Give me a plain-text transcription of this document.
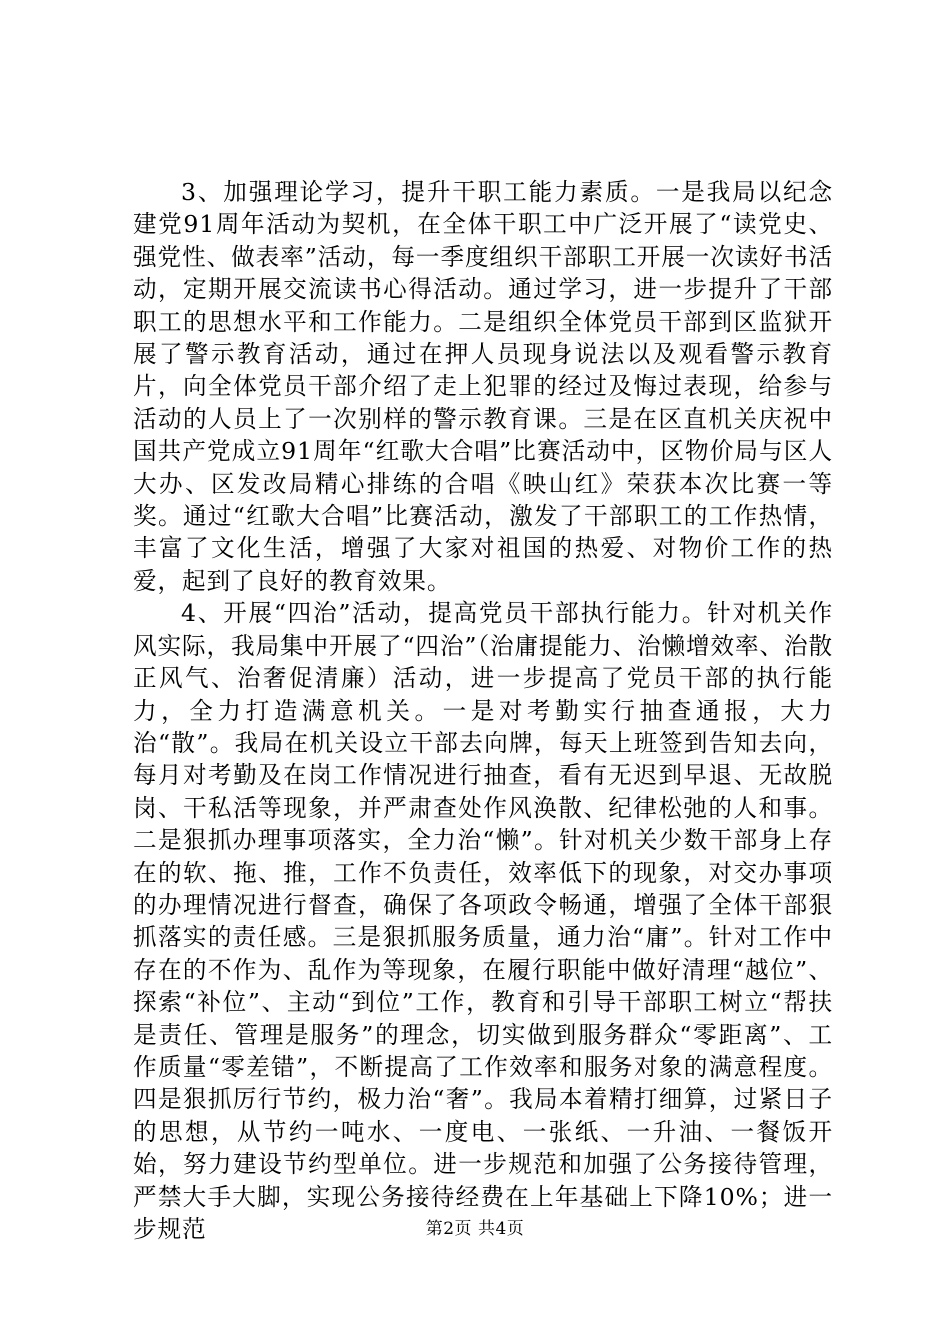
3、加强理论学习，提升干职工能力素质。一是我局以纪念建党91周年活动为契机，在全体干职工中广泛开展了“读党史、强党性、做表率”活动，每一季度组织干部职工开展一次读好书活动，定期开展交流读书心得活动。通过学习，进一步提升了干部职工的思想水平和工作能力。二是组织全体党员干部到区监狱开展了警示教育活动，通过在押人员现身说法以及观看警示教育片，向全体党员干部介绍了走上犯罪的经过及悔过表现，给参与活动的人员上了一次别样的警示教育课。三是在区直机关庆祝中国共产党成立91周年“红歌大合唱”比赛活动中，区物价局与区人大办、区发改局精心排练的合唱《映山红》荣获本次比赛一等奖。通过“红歌大合唱”比赛活动，激发了干部职工的工作热情，丰富了文化生活，增强了大家对祖国的热爱、对物价工作的热爱，起到了良好的教育效果。

4、开展“四治”活动，提高党员干部执行能力。针对机关作风实际，我局集中开展了“四治”（治庸提能力、治懒增效率、治散正风气、治奢促清廉）活动，进一步提高了党员干部的执行能力，全力打造满意机关。一是对考勤实行抽查通报，大力治“散”。我局在机关设立干部去向牌，每天上班签到告知去向，每月对考勤及在岗工作情况进行抽查，看有无迟到早退、无故脱岗、干私活等现象，并严肃查处作风涣散、纪律松弛的人和事。二是狠抓办理事项落实，全力治“懒”。针对机关少数干部身上存在的软、拖、推，工作不负责任，效率低下的现象，对交办事项的办理情况进行督查，确保了各项政令畅通，增强了全体干部狠抓落实的责任感。三是狠抓服务质量，通力治“庸”。针对工作中存在的不作为、乱作为等现象，在履行职能中做好清理“越位”、探索“补位”、主动“到位”工作，教育和引导干部职工树立“帮扶是责任、管理是服务”的理念，切实做到服务群众“零距离”、工作质量“零差错”，不断提高了工作效率和服务对象的满意程度。四是狠抓厉行节约，极力治“奢”。我局本着精打细算，过紧日子的思想，从节约一吨水、一度电、一张纸、一升油、一餐饭开始，努力建设节约型单位。进一步规范和加强了公务接待管理，严禁大手大脚，实现公务接待经费在上年基础上下降10%；进一步规范	第2页 共4页
